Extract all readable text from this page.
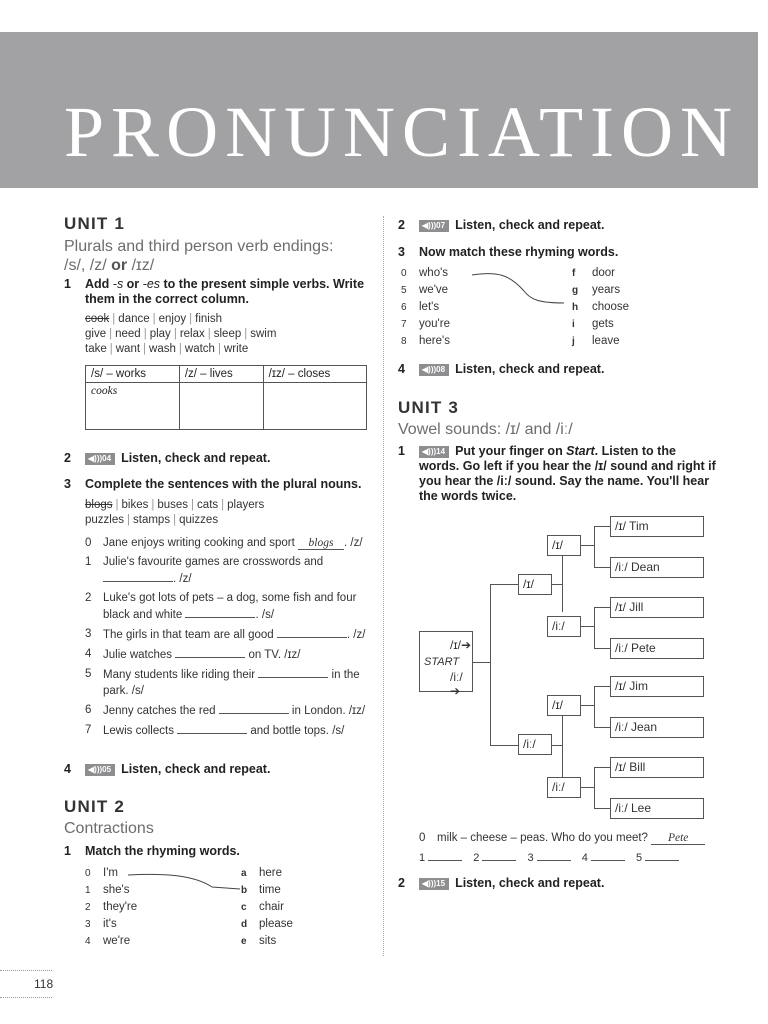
PRONUNCIATION
UNIT 1
Plurals and third person verb endings:
/s/, /z/ or /ɪz/
1 Add -s or -es to the present simple verbs. Write them in the correct column.
cook | dance | enjoy | finish
give | need | play | relax | sleep | swim
take | want | wash | watch | write
/s/ – works	/z/ – lives	/ɪz/ – closes
cooks		
2 ◀︎)))04 Listen, check and repeat.
3 Complete the sentences with the plural nouns.
blogs | bikes | buses | cats | players
puzzles | stamps | quizzes
0 Jane enjoys writing cooking and sport blogs . /z/
1 Julie's favourite games are crosswords and
. /z/
2 Luke's got lots of pets – a dog, some fish and four black and white	. /s/
3 The girls in that team are all good	. /z/
4 Julie watches	on TV. /ɪz/
5 Many students like riding their	in the park. /s/
6 Jenny catches the red	in London. /ɪz/
7 Lewis collects	and bottle tops. /s/
4 ◀︎)))05 Listen, check and repeat.
UNIT 2
Contractions
1 Match the rhyming words.
0 I'm	a here
1 she's	b time
2 they're	c chair
3 it's	d please
4 we're	e sits
2 ◀︎)))07 Listen, check and repeat.
3 Now match these rhyming words.
0 who's	f door
5 we've	g years
6 let's	h choose
7 you're	i gets
8 here's	j leave
4 ◀︎)))08 Listen, check and repeat.
UNIT 3
Vowel sounds: /ɪ/ and /iː/
1 ◀︎)))14 Put your finger on Start. Listen to the words. Go left if you hear the /ɪ/ sound and right if you hear the /iː/ sound. Say the name. You'll hear the words twice.
/ɪ/➔
START
/iː/➔
/ɪ/
/iː/
/ɪ/
/iː/
/ɪ/
/iː/
/ɪ/ Tim
/iː/ Dean
/ɪ/ Jill
/iː/ Pete
/ɪ/ Jim
/iː/ Jean
/ɪ/ Bill
/iː/ Lee
0 milk – cheese – peas. Who do you meet? Pete
1	2	3	4	5
2 ◀︎)))15 Listen, check and repeat.
118
